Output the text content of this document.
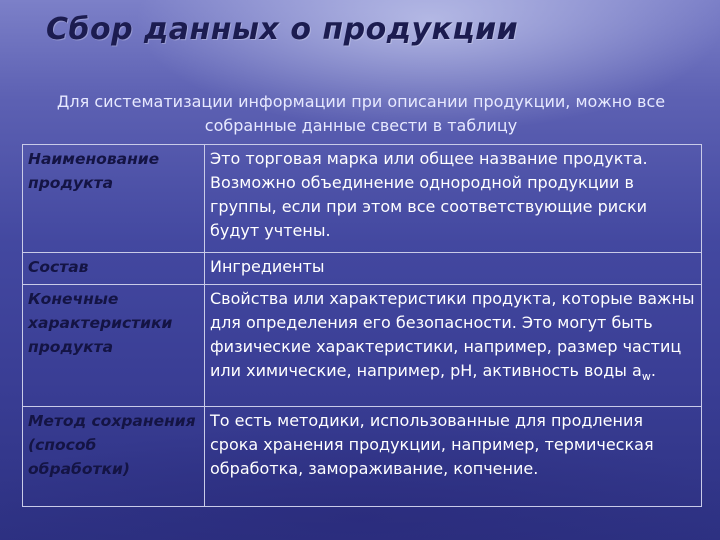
Сбор данных о продукции
Для систематизации информации при описании продукции, можно все
собранные данные свести в таблицу
Наименование продукта	Это торговая марка или общее название продукта. Возможно объединение однородной продукции в группы, если при этом все соответствующие риски будут учтены.
Состав	Ингредиенты
Конечные характеристики продукта	Свойства или характеристики продукта, которые важны для определения его безопасности. Это могут быть физические характеристики, например, размер частиц или химические, например, pH, активность воды $a_w$.
Метод сохранения (способ обработки)	То есть методики, использованные для продления срока хранения продукции, например, термическая обработка, замораживание, копчение.
